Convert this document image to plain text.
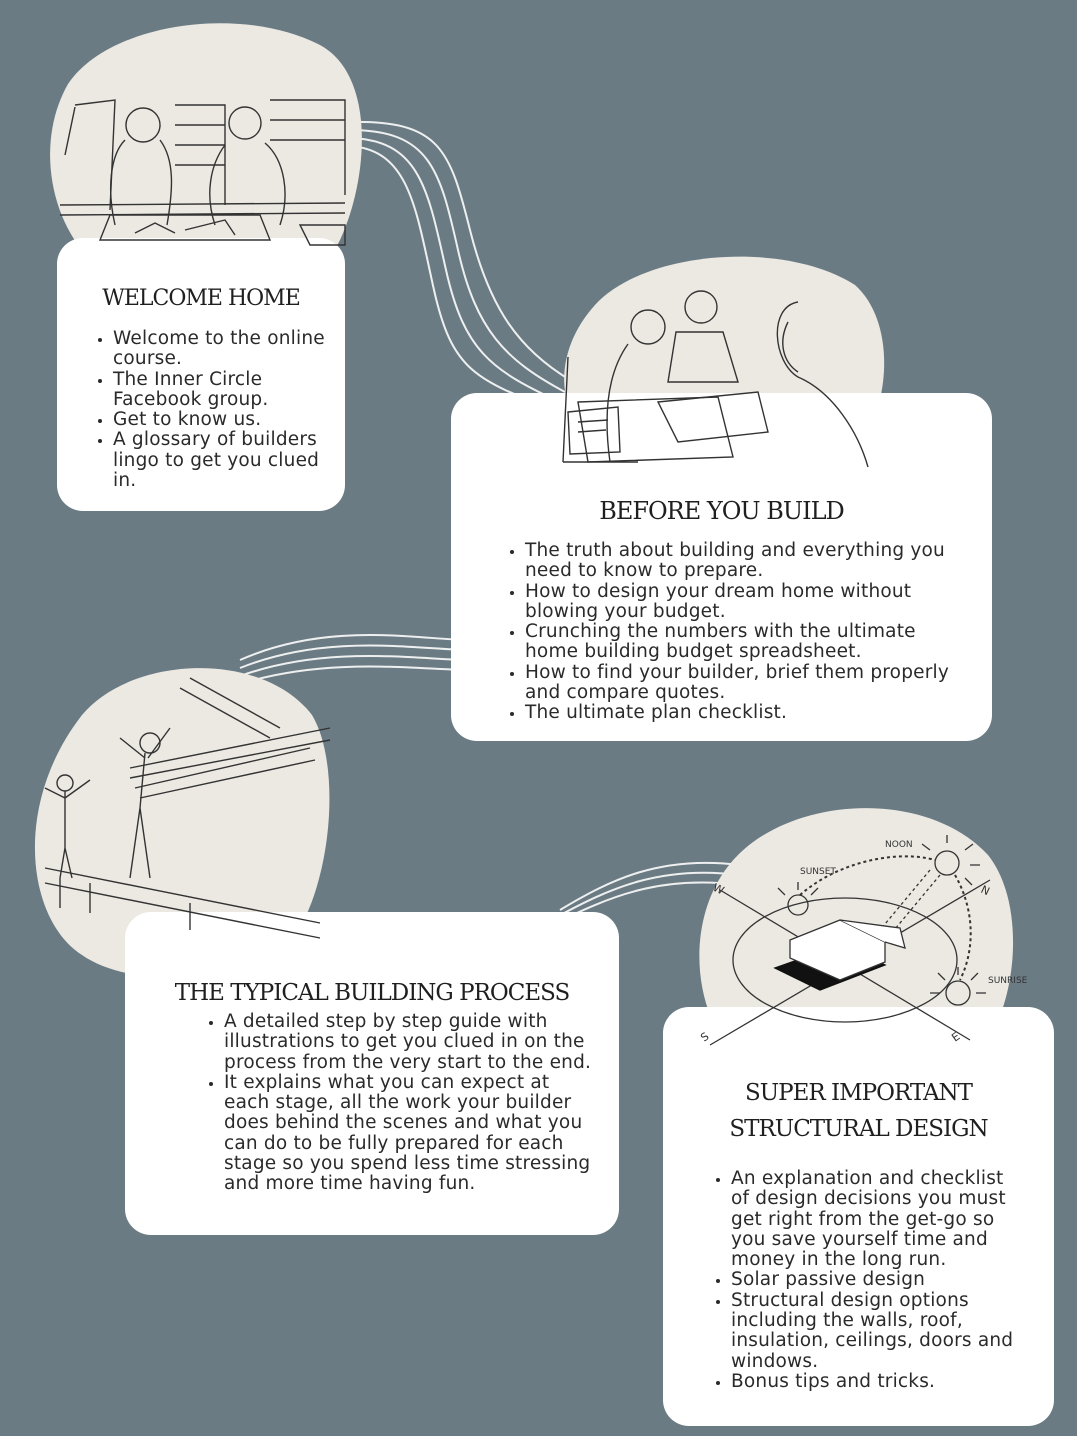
WELCOME HOME
• Welcome to the online course.
• The Inner Circle Facebook group.
• Get to know us.
• A glossary of builders lingo to get you clued in.
BEFORE YOU BUILD
• The truth about building and everything you need to know to prepare.
• How to design your dream home without blowing your budget.
• Crunching the numbers with the ultimate home building budget spreadsheet.
• How to find your builder, brief them properly and compare quotes.
• The ultimate plan checklist.
THE TYPICAL BUILDING PROCESS
• A detailed step by step guide with illustrations to get you clued in on the process from the very start to the end.
• It explains what you can expect at each stage, all the work your builder does behind the scenes and what you can do to be fully prepared for each stage so you spend less time stressing and more time having fun.
SUPER IMPORTANT
STRUCTURAL DESIGN
• An explanation and checklist of design decisions you must get right from the get-go so you save yourself time and money in the long run.
• Solar passive design
• Structural design options including the walls, roof, insulation, ceilings, doors and windows.
• Bonus tips and tricks.
NOON
SUNSET
SUNRISE
W	N
S	E
